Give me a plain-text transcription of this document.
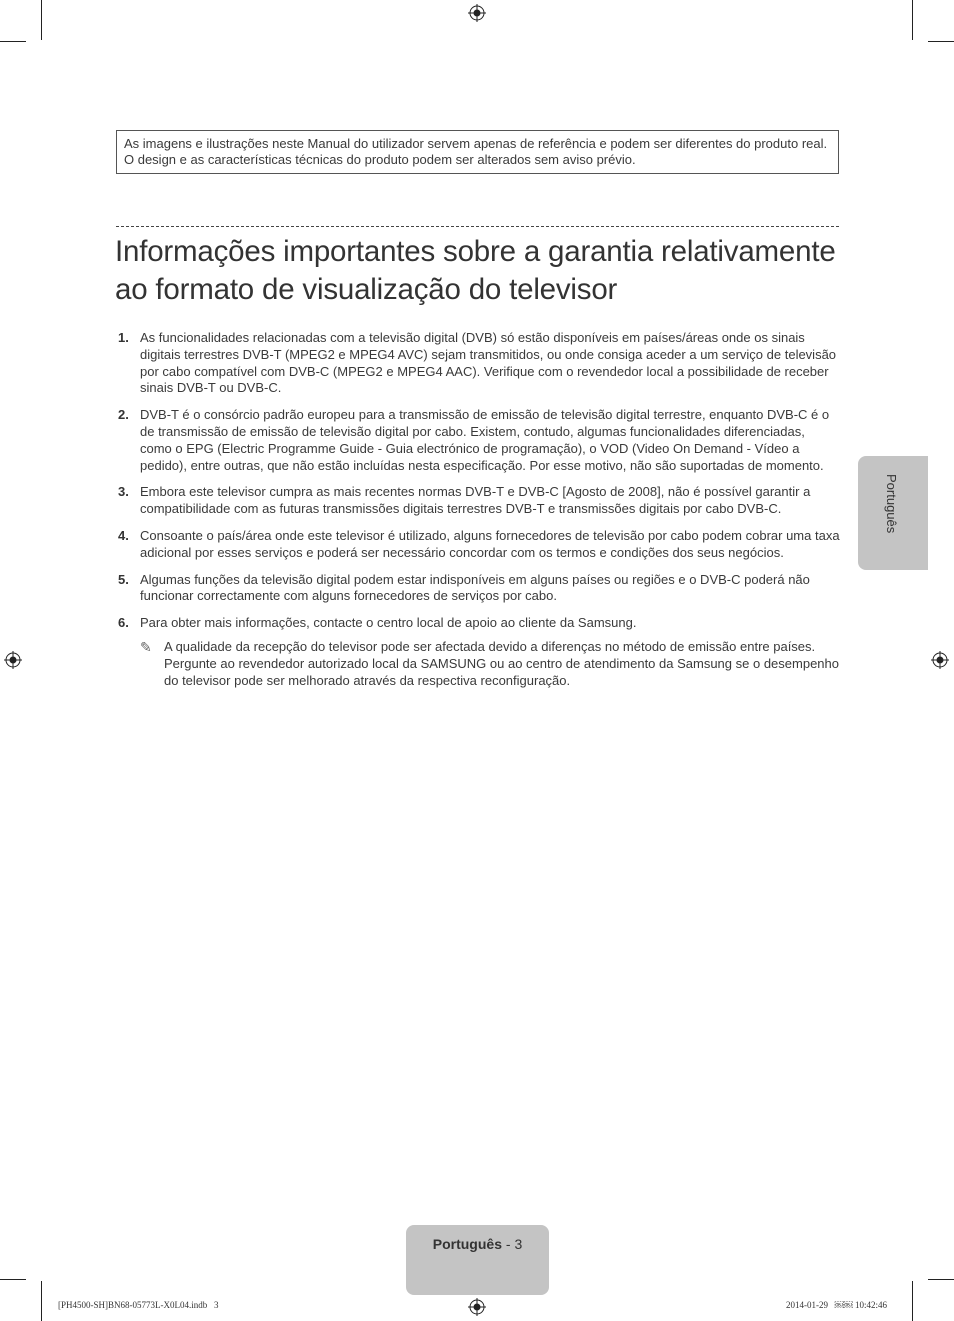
As imagens e ilustrações neste Manual do utilizador servem apenas de referência e podem ser diferentes do produto real. O design e as características técnicas do produto podem ser alterados sem aviso prévio.
Informações importantes sobre a garantia relativamente ao formato de visualização do televisor
1. As funcionalidades relacionadas com a televisão digital (DVB) só estão disponíveis em países/áreas onde os sinais digitais terrestres DVB-T (MPEG2 e MPEG4 AVC) sejam transmitidos, ou onde consiga aceder a um serviço de televisão por cabo compatível com DVB-C (MPEG2 e MPEG4 AAC). Verifique com o revendedor local a possibilidade de receber sinais DVB-T ou DVB-C.
2. DVB-T é o consórcio padrão europeu para a transmissão de emissão de televisão digital terrestre, enquanto DVB-C é o de transmissão de emissão de televisão digital por cabo. Existem, contudo, algumas funcionalidades diferenciadas, como o EPG (Electric Programme Guide - Guia electrónico de programação), o VOD (Video On Demand - Vídeo a pedido), entre outras, que não estão incluídas nesta especificação. Por esse motivo, não são suportadas de momento.
3. Embora este televisor cumpra as mais recentes normas DVB-T e DVB-C [Agosto de 2008], não é possível garantir a compatibilidade com as futuras transmissões digitais terrestres DVB-T e transmissões digitais por cabo DVB-C.
4. Consoante o país/área onde este televisor é utilizado, alguns fornecedores de televisão por cabo podem cobrar uma taxa adicional por esses serviços e poderá ser necessário concordar com os termos e condições dos seus negócios.
5. Algumas funções da televisão digital podem estar indisponíveis em alguns países ou regiões e o DVB-C poderá não funcionar correctamente com alguns fornecedores de serviços por cabo.
6. Para obter mais informações, contacte o centro local de apoio ao cliente da Samsung.
✎ A qualidade da recepção do televisor pode ser afectada devido a diferenças no método de emissão entre países. Pergunte ao revendedor autorizado local da SAMSUNG ou ao centro de atendimento da Samsung se o desempenho do televisor pode ser melhorado através da respectiva reconfiguração.
Português
Português - 3
[PH4500-SH]BN68-05773L-X0L04.indb   3	2014-01-29   ￼￼ 10:42:46
